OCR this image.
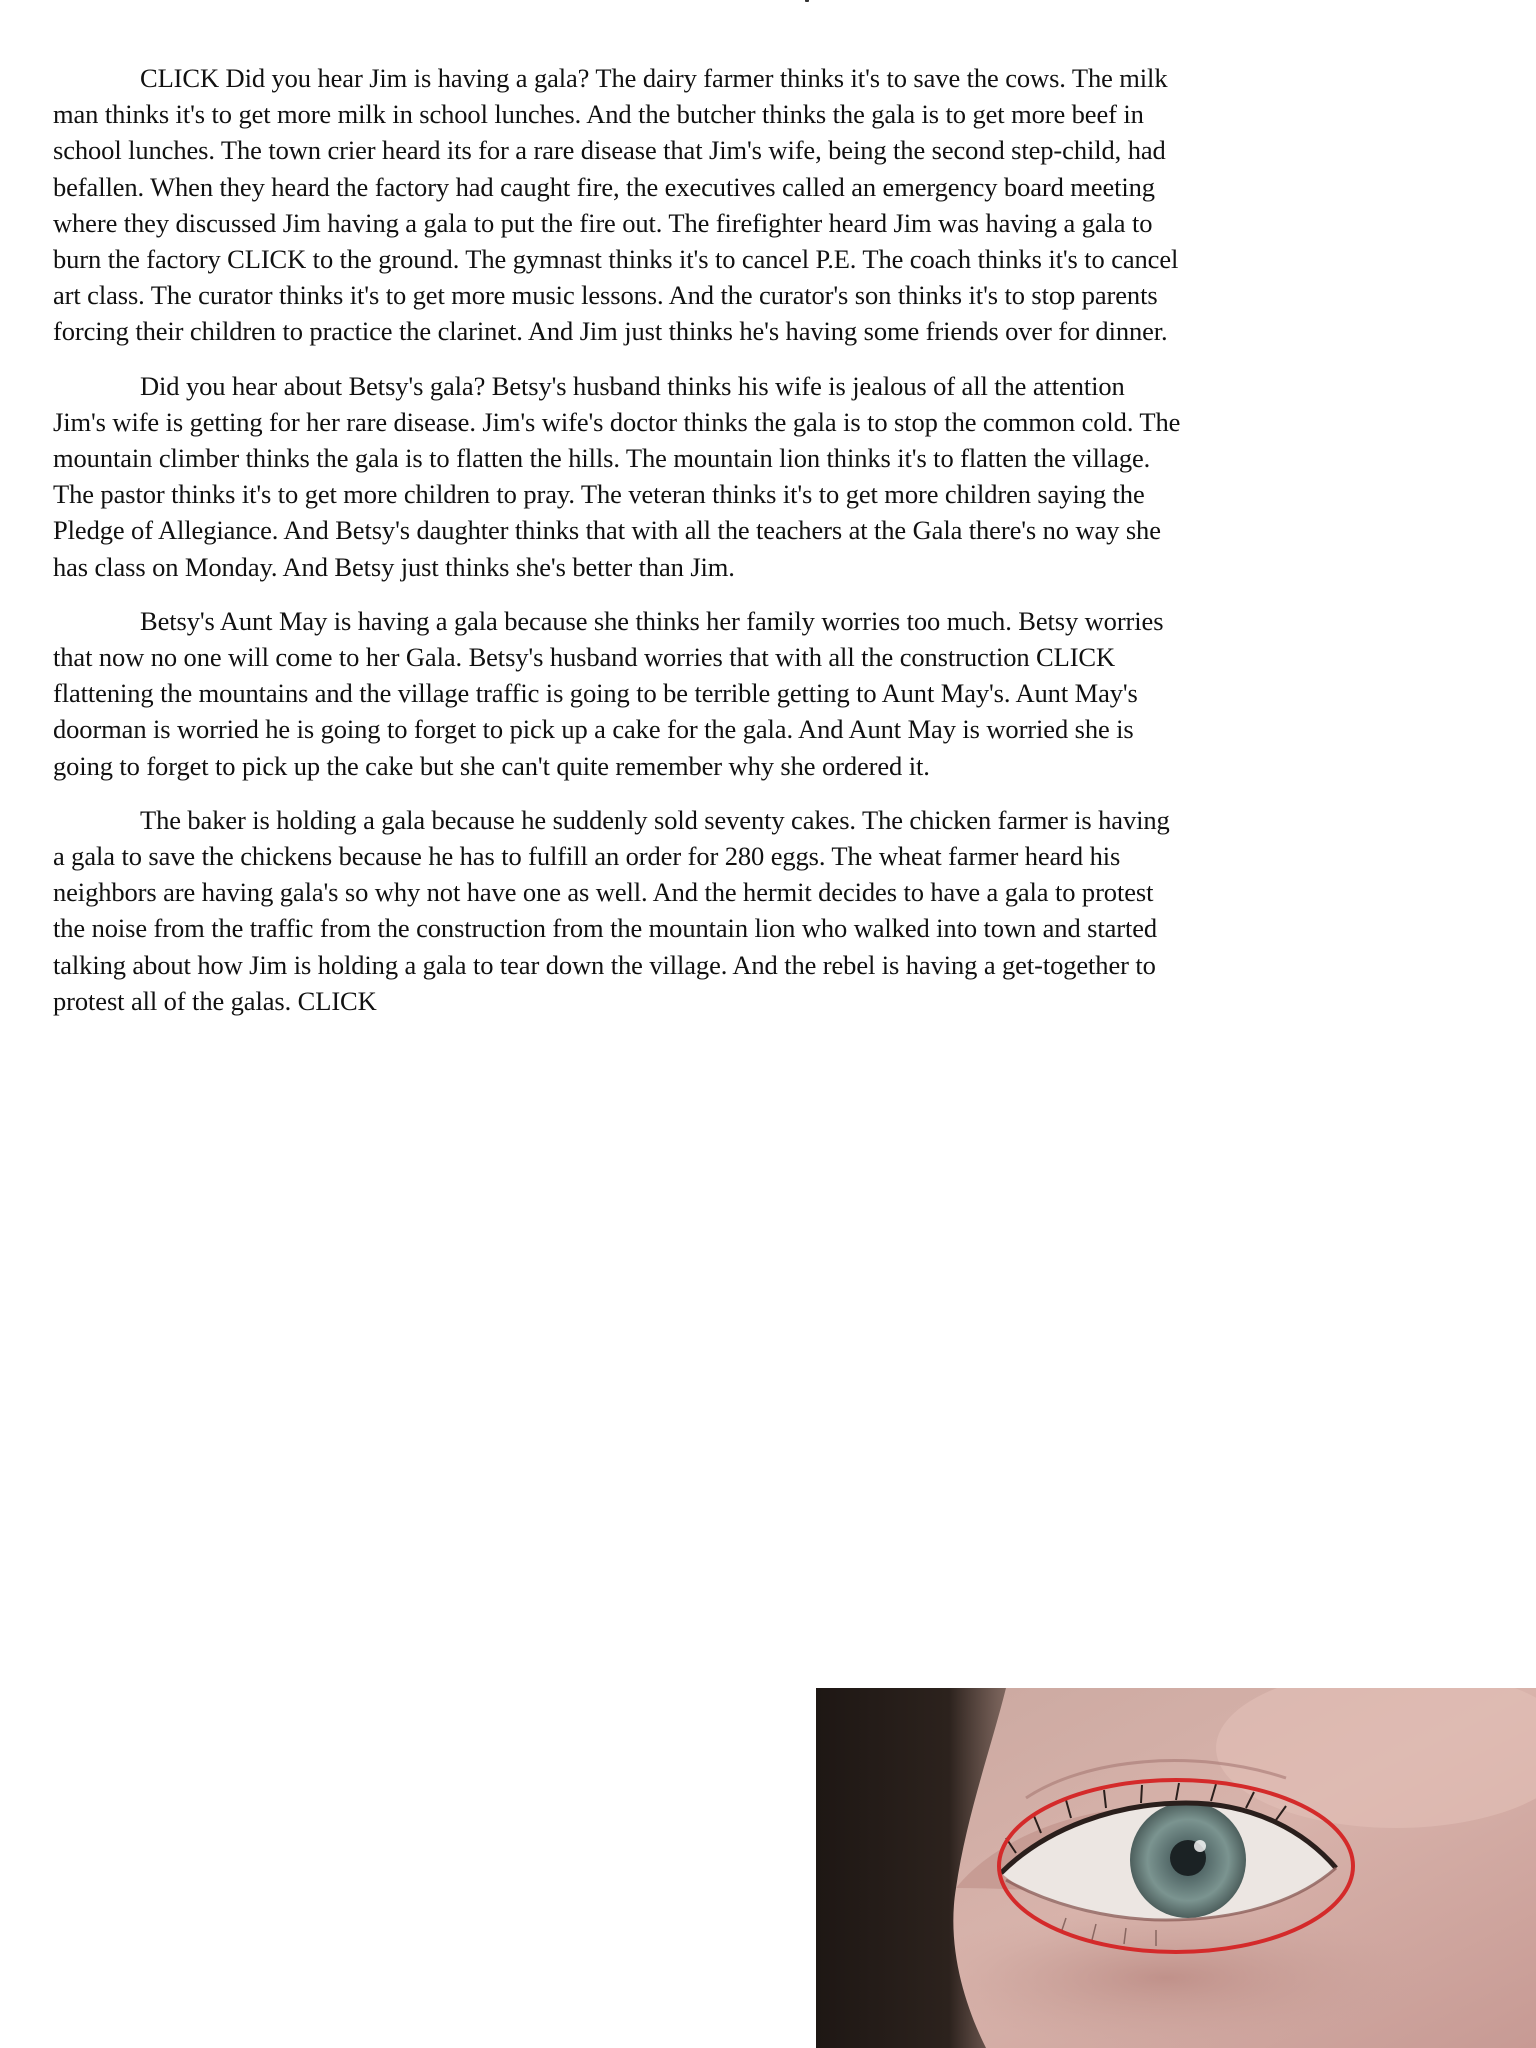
CLICK Did you hear Jim is having a gala? The dairy farmer thinks it's to save the cows. The milk man thinks it's to get more milk in school lunches. And the butcher thinks the gala is to get more beef in school lunches. The town crier heard its for a rare disease that Jim's wife, being the second step-child, had befallen. When they heard the factory had caught fire, the executives called an emergency board meeting where they discussed Jim having a gala to put the fire out. The firefighter heard Jim was having a gala to burn the factory CLICK to the ground. The gymnast thinks it's to cancel P.E. The coach thinks it's to cancel art class. The curator thinks it's to get more music lessons. And the curator's son thinks it's to stop parents forcing their children to practice the clarinet. And Jim just thinks he's having some friends over for dinner.

Did you hear about Betsy's gala? Betsy's husband thinks his wife is jealous of all the attention Jim's wife is getting for her rare disease. Jim's wife's doctor thinks the gala is to stop the common cold. The mountain climber thinks the gala is to flatten the hills. The mountain lion thinks it's to flatten the village. The pastor thinks it's to get more children to pray. The veteran thinks it's to get more children saying the Pledge of Allegiance. And Betsy's daughter thinks that with all the teachers at the Gala there's no way she has class on Monday. And Betsy just thinks she's better than Jim.

Betsy's Aunt May is having a gala because she thinks her family worries too much. Betsy worries that now no one will come to her Gala. Betsy's husband worries that with all the construction CLICK flattening the mountains and the village traffic is going to be terrible getting to Aunt May's. Aunt May's doorman is worried he is going to forget to pick up a cake for the gala. And Aunt May is worried she is going to forget to pick up the cake but she can't quite remember why she ordered it.

The baker is holding a gala because he suddenly sold seventy cakes. The chicken farmer is having a gala to save the chickens because he has to fulfill an order for 280 eggs. The wheat farmer heard his neighbors are having gala's so why not have one as well. And the hermit decides to have a gala to protest the noise from the traffic from the construction from the mountain lion who walked into town and started talking about how Jim is holding a gala to tear down the village. And the rebel is having a get-together to protest all of the galas. CLICK
